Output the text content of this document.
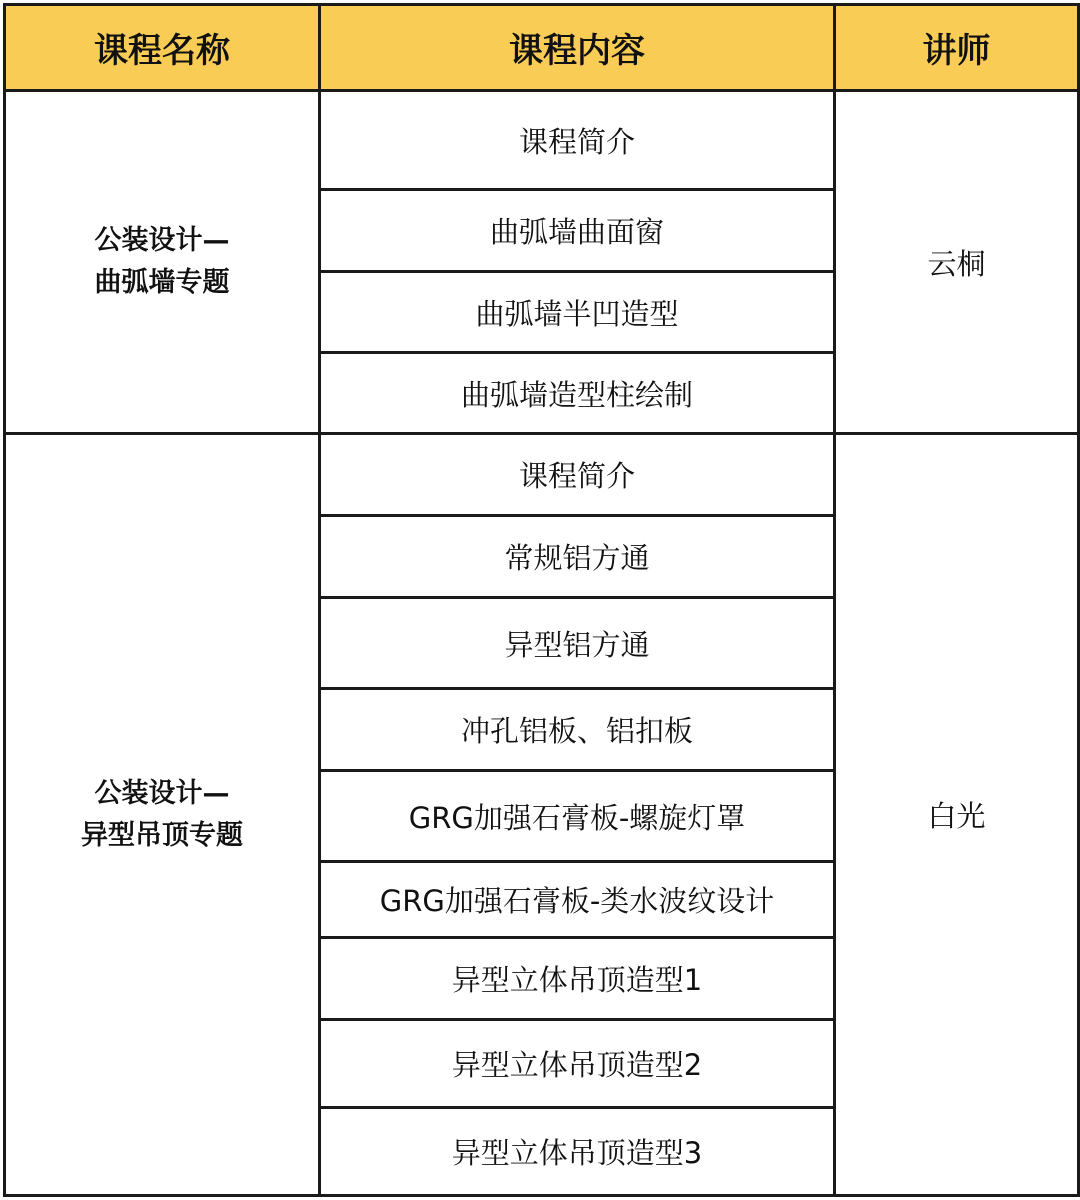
课程名称	课程内容	讲师

公装设计—
曲弧墙专题	课程简介	云桐
	曲弧墙曲面窗	
	曲弧墙半凹造型	
	曲弧墙造型柱绘制	

公装设计—
异型吊顶专题	课程简介	白光
	常规铝方通	
	异型铝方通	
	冲孔铝板、铝扣板	
	GRG加强石膏板-螺旋灯罩	
	GRG加强石膏板-类水波纹设计	
	异型立体吊顶造型1	
	异型立体吊顶造型2	
	异型立体吊顶造型3	
